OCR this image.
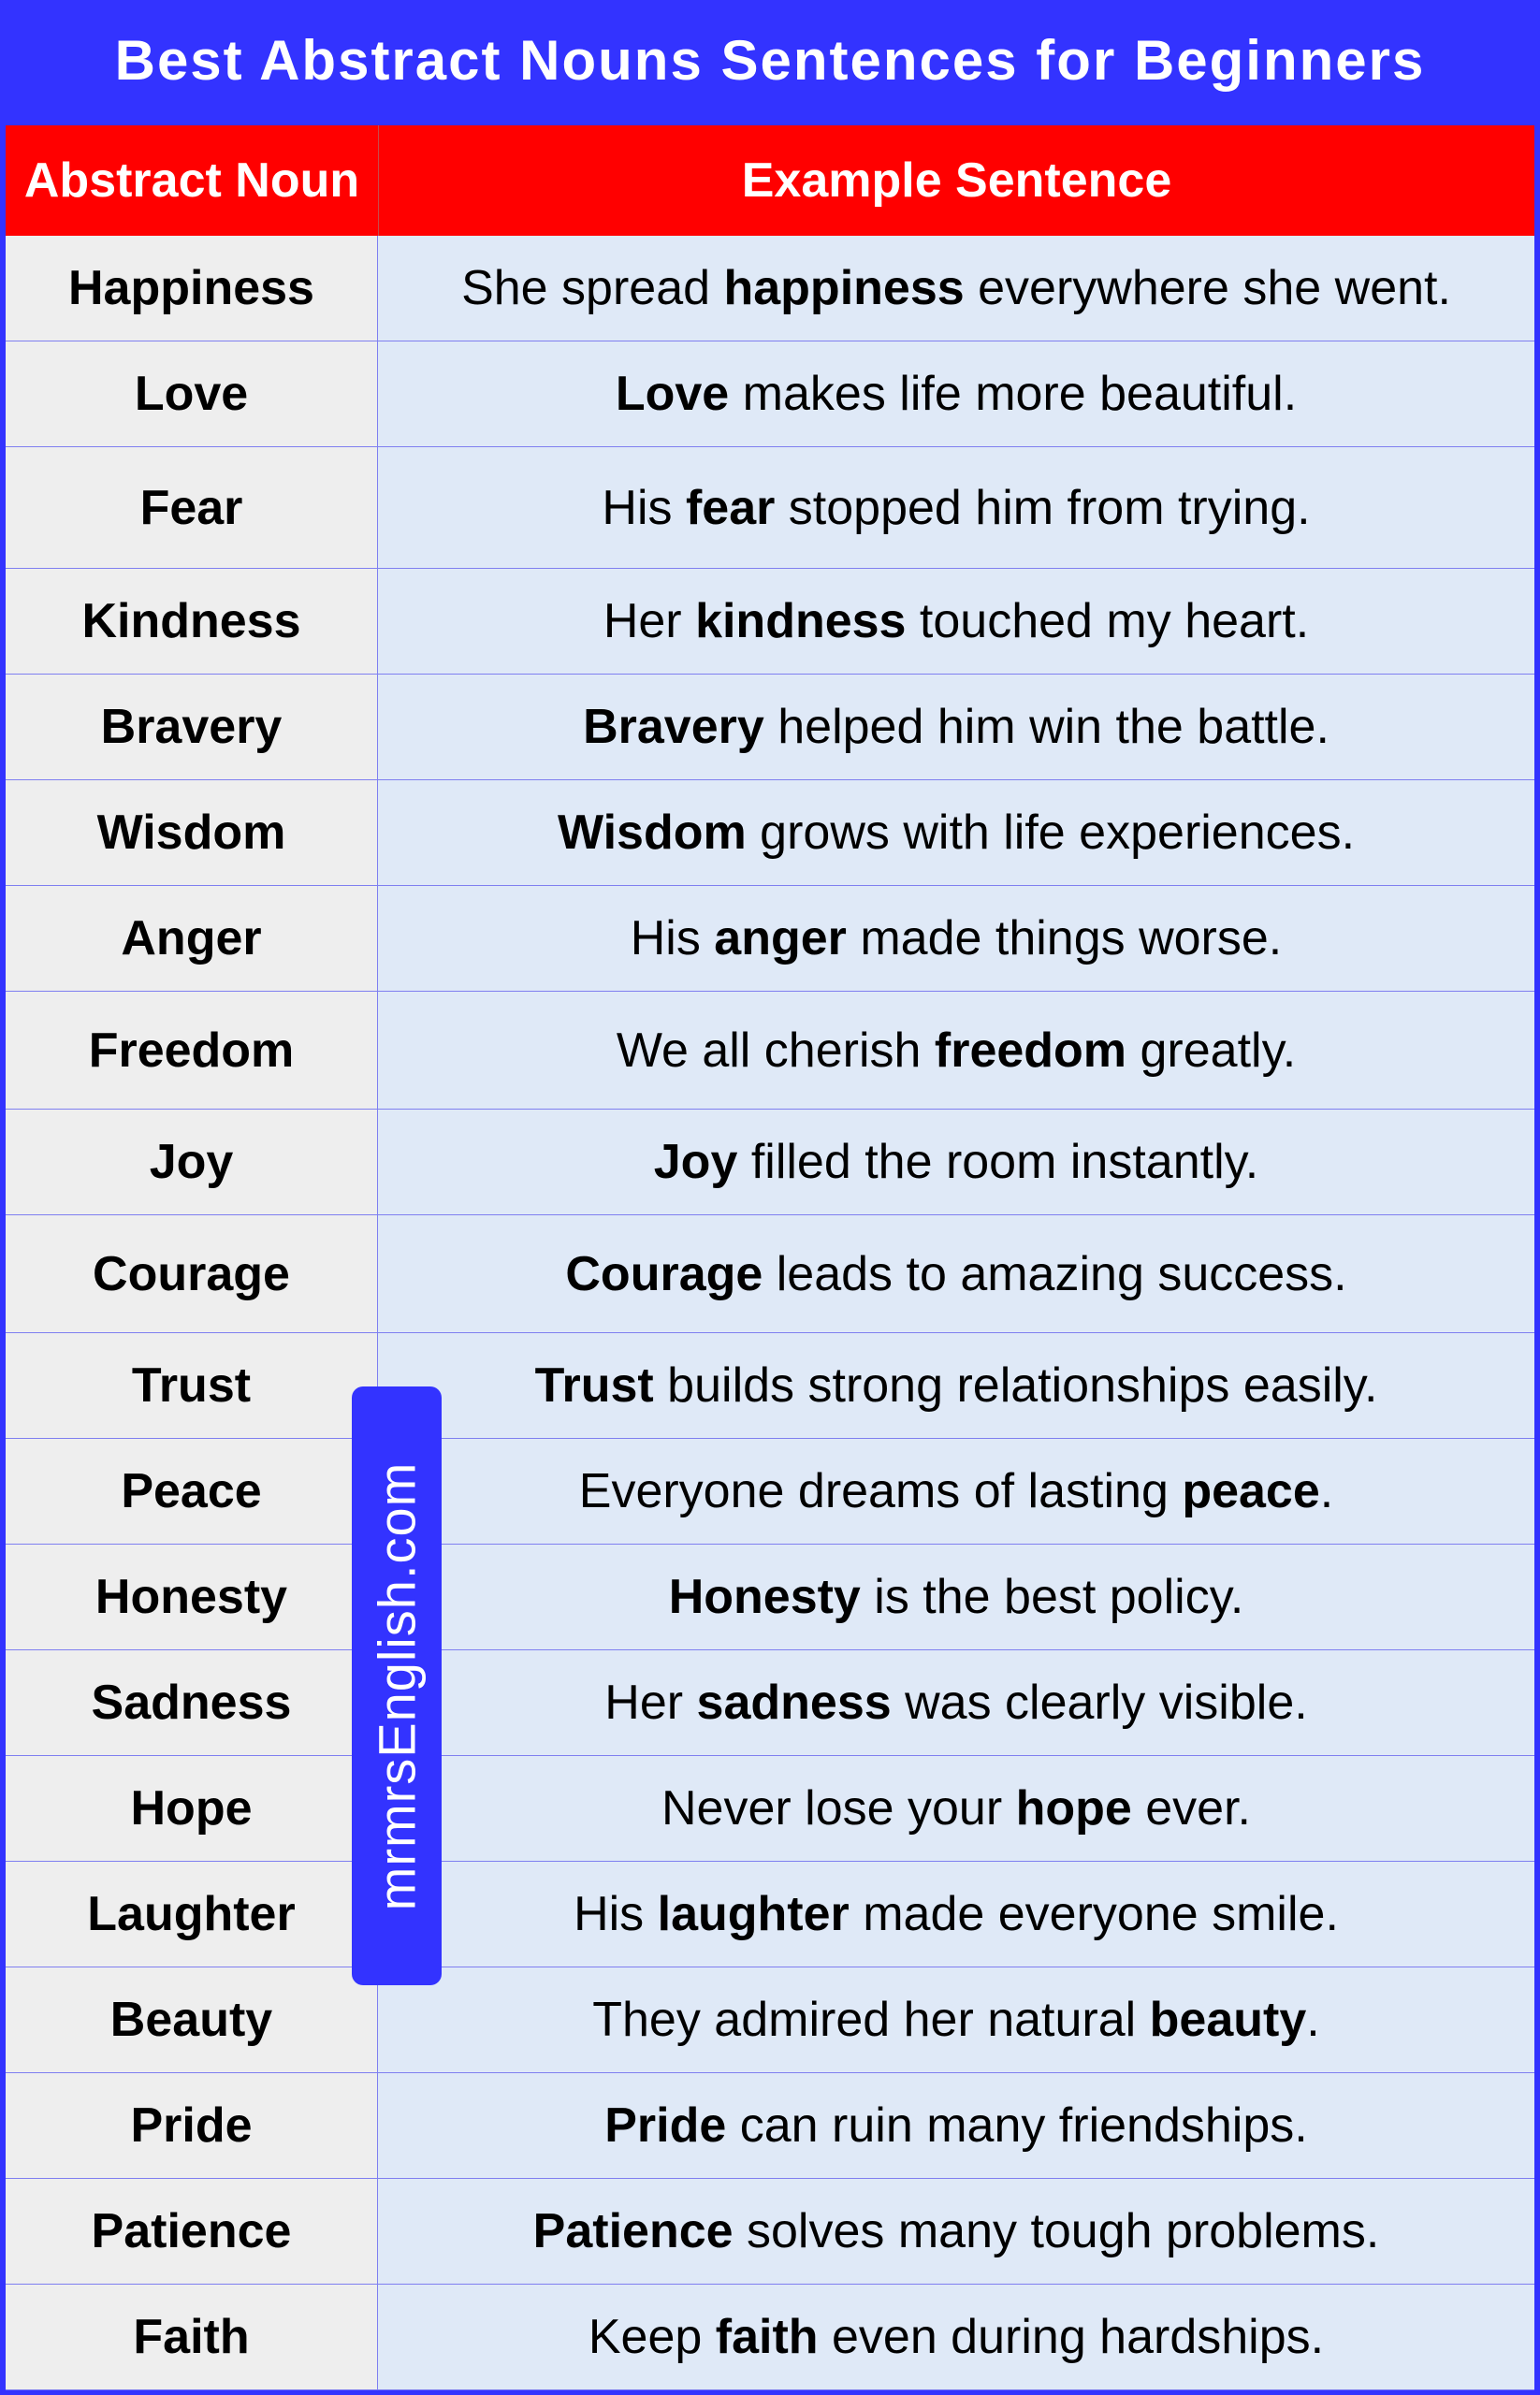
Best Abstract Nouns Sentences for Beginners
Abstract Noun	Example Sentence
Happiness	She spread happiness everywhere she went.
Love	Love makes life more beautiful.
Fear	His fear stopped him from trying.
Kindness	Her kindness touched my heart.
Bravery	Bravery helped him win the battle.
Wisdom	Wisdom grows with life experiences.
Anger	His anger made things worse.
Freedom	We all cherish freedom greatly.
Joy	Joy filled the room instantly.
Courage	Courage leads to amazing success.
Trust	Trust builds strong relationships easily.
Peace	Everyone dreams of lasting peace .
Honesty	Honesty is the best policy.
Sadness	Her sadness was clearly visible.
Hope	Never lose your hope ever.
Laughter	His laughter made everyone smile.
Beauty	They admired her natural beauty .
Pride	Pride can ruin many friendships.
Patience	Patience solves many tough problems.
Faith	Keep faith even during hardships.
mrmrsEnglish.com
